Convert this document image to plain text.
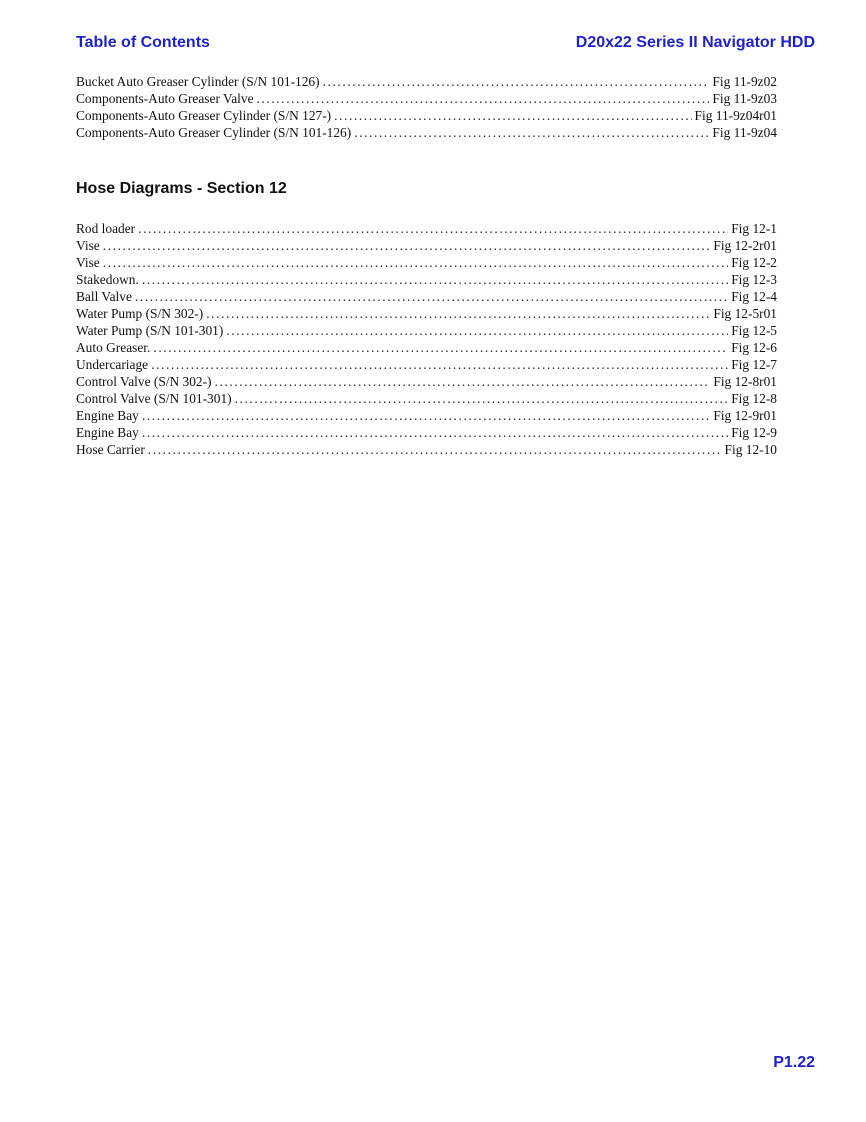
Table of Contents	D20x22 Series II Navigator HDD
Bucket Auto Greaser Cylinder (S/N 101-126) .....	Fig 11-9z02
Components-Auto Greaser Valve .....	Fig 11-9z03
Components-Auto Greaser Cylinder (S/N 127-) .....	Fig 11-9z04r01
Components-Auto Greaser Cylinder (S/N 101-126) .....	Fig 11-9z04
Hose Diagrams - Section 12
Rod loader .....	Fig 12-1
Vise .....	Fig 12-2r01
Vise .....	Fig 12-2
Stakedown. .....	Fig 12-3
Ball Valve .....	Fig 12-4
Water Pump (S/N 302-) .....	Fig 12-5r01
Water Pump (S/N 101-301) .....	Fig 12-5
Auto Greaser. .....	Fig 12-6
Undercariage .....	Fig 12-7
Control Valve (S/N 302-) .....	Fig 12-8r01
Control Valve (S/N 101-301) .....	Fig 12-8
Engine Bay .....	Fig 12-9r01
Engine Bay .....	Fig 12-9
Hose Carrier .....	Fig 12-10
P1.22
